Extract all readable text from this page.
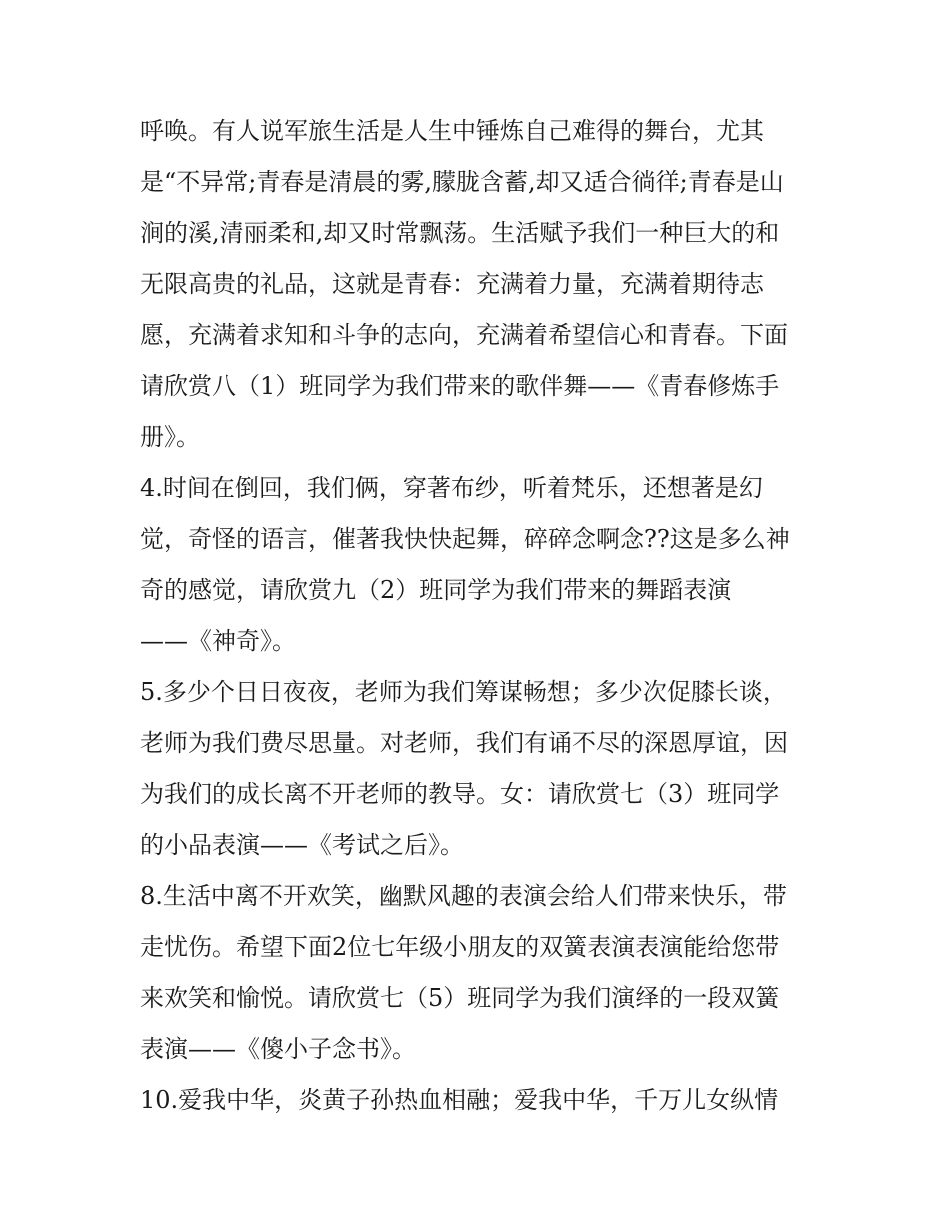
呼唤。有人说军旅生活是人生中锤炼自己难得的舞台，尤其
是“不异常;青春是清晨的雾,朦胧含蓄,却又适合徜徉;青春是山
涧的溪,清丽柔和,却又时常飘荡。生活赋予我们一种巨大的和
无限高贵的礼品，这就是青春：充满着力量，充满着期待志
愿，充满着求知和斗争的志向，充满着希望信心和青春。下面
请欣赏八（1）班同学为我们带来的歌伴舞——《青春修炼手
册》。
4.时间在倒回，我们俩，穿著布纱，听着梵乐，还想著是幻
觉，奇怪的语言，催著我快快起舞，碎碎念啊念??这是多么神
奇的感觉，请欣赏九（2）班同学为我们带来的舞蹈表演
——《神奇》。
5.多少个日日夜夜，老师为我们筹谋畅想；多少次促膝长谈，
老师为我们费尽思量。对老师，我们有诵不尽的深恩厚谊，因
为我们的成长离不开老师的教导。女：请欣赏七（3）班同学
的小品表演——《考试之后》。
8.生活中离不开欢笑，幽默风趣的表演会给人们带来快乐，带
走忧伤。希望下面2位七年级小朋友的双簧表演表演能给您带
来欢笑和愉悦。请欣赏七（5）班同学为我们演绎的一段双簧
表演——《傻小子念书》。
10.爱我中华，炎黄子孙热血相融；爱我中华，千万儿女纵情
